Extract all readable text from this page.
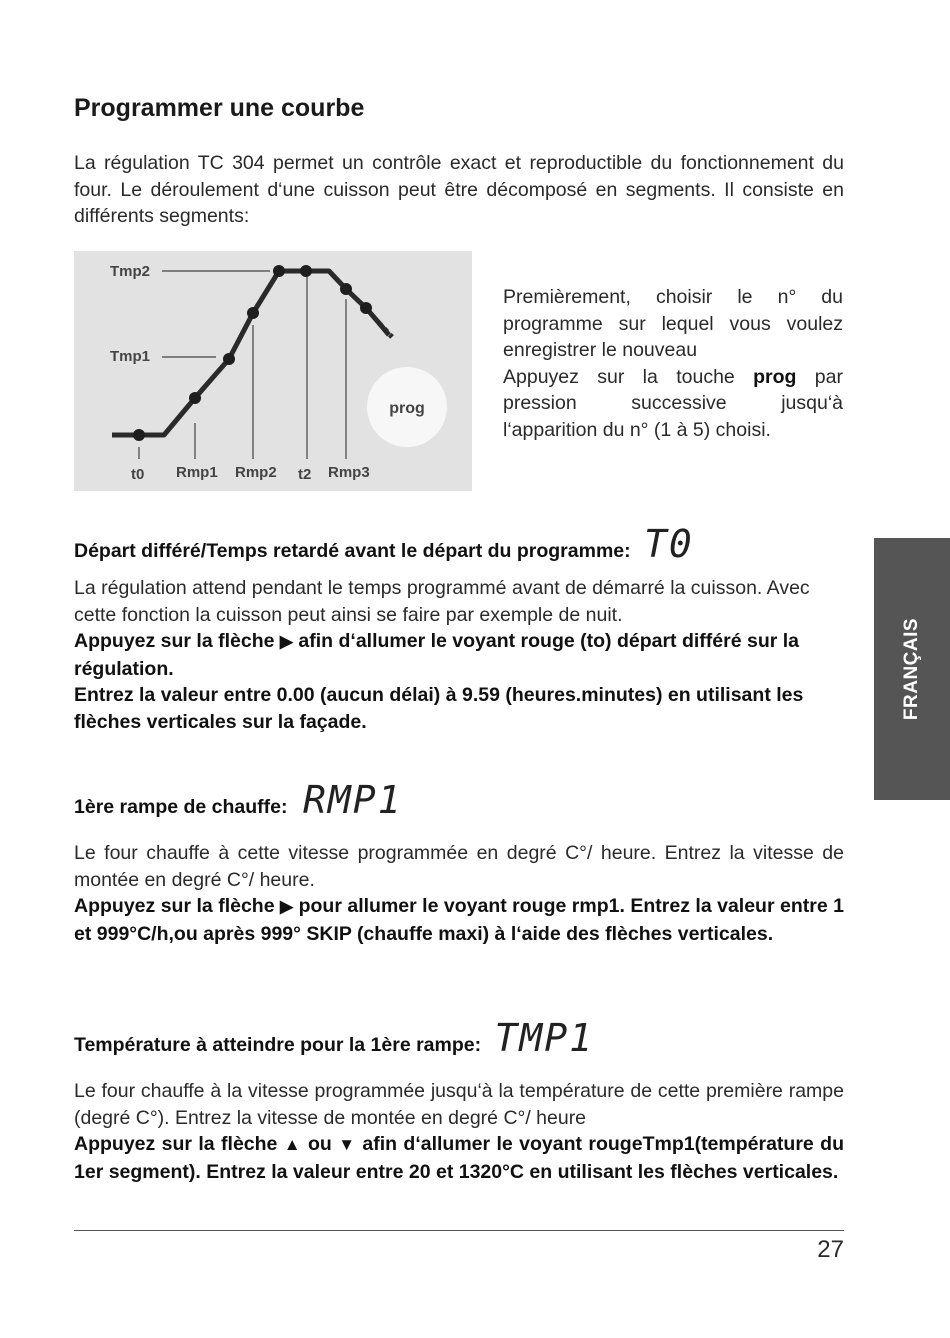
Programmer une courbe
La régulation TC 304 permet un contrôle exact et reproductible du fonctionnement du four. Le déroulement d‘une cuisson peut être décomposé en segments. Il consiste en différents segments:
prog
Tmp2
Tmp1
t0 Rmp1 Rmp2 t2 Rmp3
Premièrement, choisir le n° du programme sur lequel vous voulez enregistrer le nouveau
Appuyez sur la touche prog par pression successive jusqu‘à l‘apparition du n° (1 à 5) choisi.
Départ différé/Temps retardé avant le départ du programme: T0
La régulation attend pendant le temps programmé avant de démarré la cuisson. Avec cette fonction la cuisson peut ainsi se faire par exemple de nuit.
Appuyez sur la flèche ▶ afin d‘allumer le voyant rouge (to) départ différé sur la régulation.
Entrez la valeur entre 0.00 (aucun délai) à 9.59 (heures.minutes) en utilisant les flèches verticales sur la façade.
1ère rampe de chauffe: RMP1
Le four chauffe à cette vitesse programmée en degré C°/ heure. Entrez la vitesse de montée en degré C°/ heure.
Appuyez sur la flèche ▶ pour allumer le voyant rouge rmp1. Entrez la valeur entre 1 et 999°C/h,ou après 999° SKIP (chauffe maxi) à l‘aide des flèches verticales.
Température à atteindre pour la 1ère rampe: TMP1
Le four chauffe à la vitesse programmée jusqu‘à la température de cette première rampe (degré C°). Entrez la vitesse de montée en degré C°/ heure
Appuyez sur la flèche ▲ ou ▼ afin d‘allumer le voyant rougeTmp1(température du 1er segment). Entrez la valeur entre 20 et 1320°C en utilisant les flèches verticales.
FRANÇAIS
27
